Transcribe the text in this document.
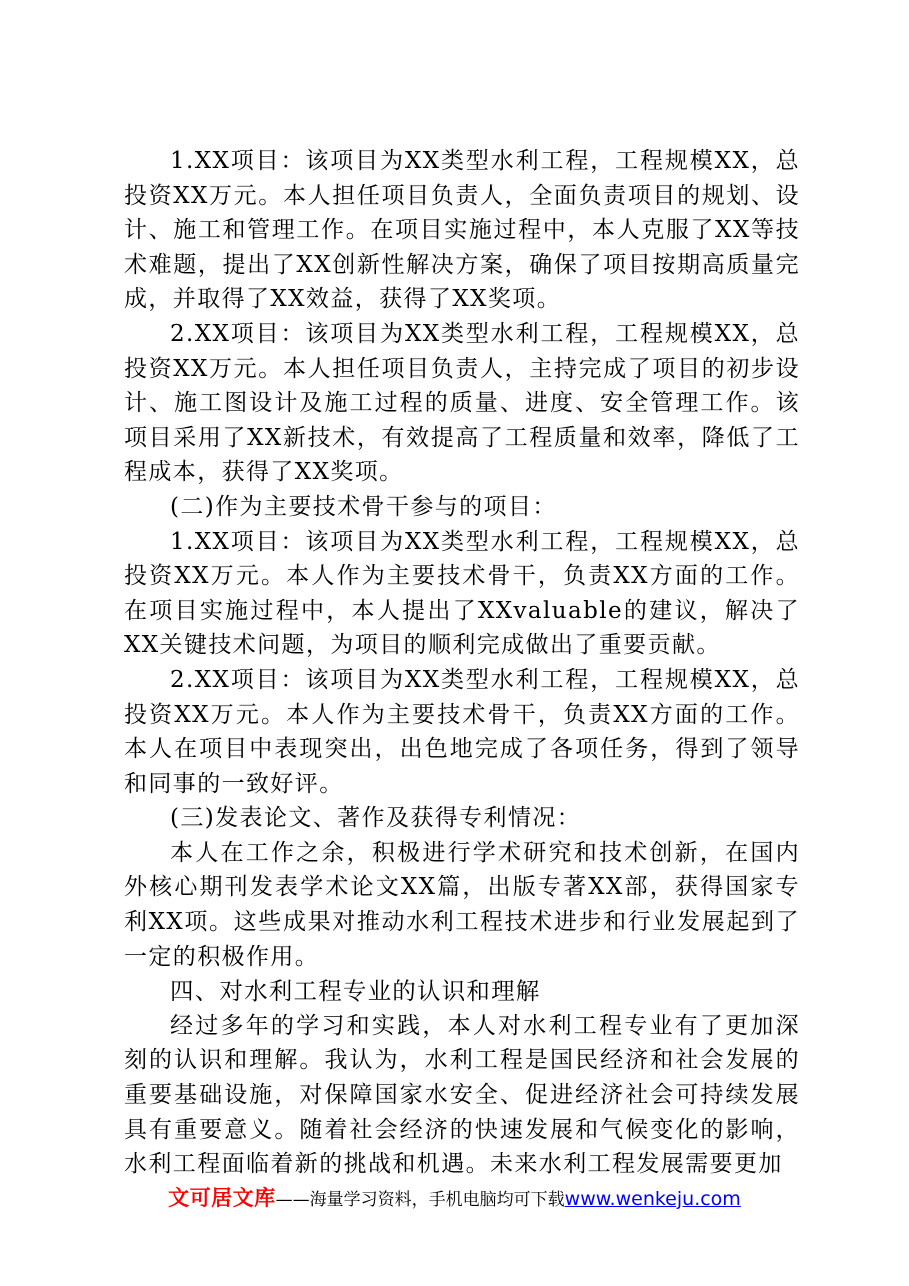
1.XX项目：该项目为XX类型水利工程，工程规模XX，总投资XX万元。本人担任项目负责人，全面负责项目的规划、设计、施工和管理工作。在项目实施过程中，本人克服了XX等技术难题，提出了XX创新性解决方案，确保了项目按期高质量完成，并取得了XX效益，获得了XX奖项。

2.XX项目：该项目为XX类型水利工程，工程规模XX，总投资XX万元。本人担任项目负责人，主持完成了项目的初步设计、施工图设计及施工过程的质量、进度、安全管理工作。该项目采用了XX新技术，有效提高了工程质量和效率，降低了工程成本，获得了XX奖项。

(二)作为主要技术骨干参与的项目：

1.XX项目：该项目为XX类型水利工程，工程规模XX，总投资XX万元。本人作为主要技术骨干，负责XX方面的工作。在项目实施过程中，本人提出了XXvaluable的建议，解决了XX关键技术问题，为项目的顺利完成做出了重要贡献。

2.XX项目：该项目为XX类型水利工程，工程规模XX，总投资XX万元。本人作为主要技术骨干，负责XX方面的工作。本人在项目中表现突出，出色地完成了各项任务，得到了领导和同事的一致好评。

(三)发表论文、著作及获得专利情况：

本人在工作之余，积极进行学术研究和技术创新，在国内外核心期刊发表学术论文XX篇，出版专著XX部，获得国家专利XX项。这些成果对推动水利工程技术进步和行业发展起到了一定的积极作用。

四、对水利工程专业的认识和理解

经过多年的学习和实践，本人对水利工程专业有了更加深刻的认识和理解。我认为，水利工程是国民经济和社会发展的重要基础设施，对保障国家水安全、促进经济社会可持续发展具有重要意义。随着社会经济的快速发展和气候变化的影响，水利工程面临着新的挑战和机遇。未来水利工程发展需要更加

文可居文库——海量学习资料，手机电脑均可下载www.wenkeju.com
